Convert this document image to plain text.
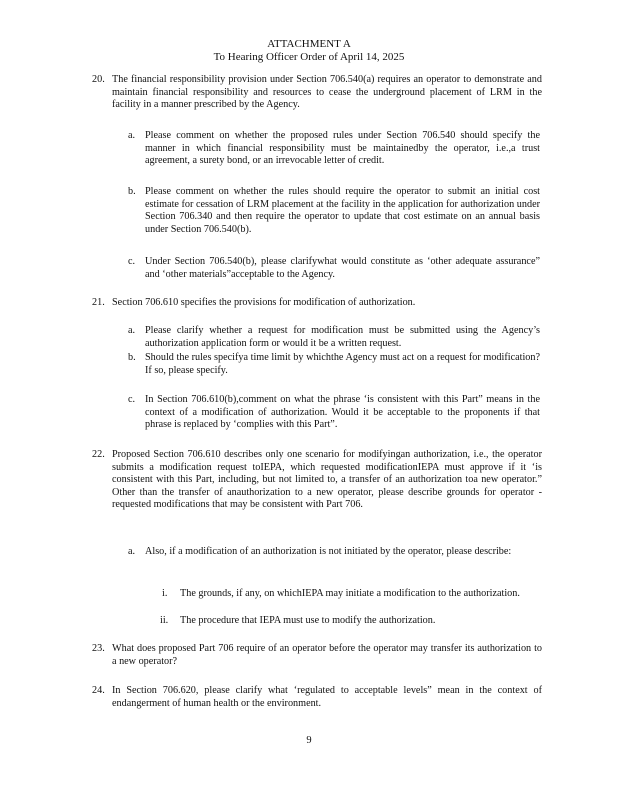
ATTACHMENT A
To Hearing Officer Order of April 14, 2025
20. The financial responsibility provision under Section 706.540(a) requires an operator to demonstrate and maintain financial responsibility and resources to cease the underground placement of LRM in the facility in a manner prescribed by the Agency.
a. Please comment on whether the proposed rules under Section 706.540 should specify the manner in which financial responsibility must be maintainedby the operator, i.e.,a trust agreement, a surety bond, or an irrevocable letter of credit.
b. Please comment on whether the rules should require the operator to submit an initial cost estimate for cessation of LRM placement at the facility in the application for authorization under Section 706.340 and then require the operator to update that cost estimate on an annual basis under Section 706.540(b).
c. Under Section 706.540(b), please clarifywhat would constitute as ‘other adequate assurance” and ‘other materials”acceptable to the Agency.
21. Section 706.610 specifies the provisions for modification of authorization.
a. Please clarify whether a request for modification must be submitted using the Agency’s authorization application form or would it be a written request.
b. Should the rules specifya time limit by whichthe Agency must act on a request for modification?If so, please specify.
c. In Section 706.610(b),comment on what the phrase ‘is consistent with this Part” means in the context of a modification of authorization. Would it be acceptable to the proponents if that phrase is replaced by ‘complies with this Part”.
22. Proposed Section 706.610 describes only one scenario for modifyingan authorization, i.e., the operator submits a modification request toIEPA, which requested modificationIEPA must approve if it ‘is consistent with this Part, including, but not limited to, a transfer of an authorization toa new operator.” Other than the transfer of anauthorization to a new operator, please describe grounds for operator -requested modifications that may be consistent with Part 706.
a. Also, if a modification of an authorization is not initiated by the operator, please describe:
i. The grounds, if any, on whichIEPA may initiate a modification to the authorization.
ii. The procedure that IEPA must use to modify the authorization.
23. What does proposed Part 706 require of an operator before the operator may transfer its authorization to a new operator?
24. In Section 706.620, please clarify what ‘regulated to acceptable levels” mean in the context of endangerment of human health or the environment.
9
